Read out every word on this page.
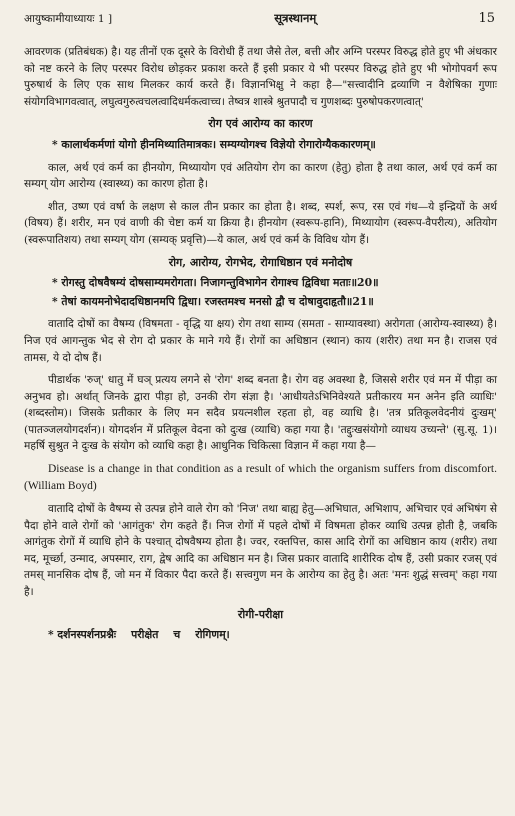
आयुष्कामीयाध्यायः 1 ]	सूत्रस्थानम्	15

आवरणक (प्रतिबंधक) है। यह तीनों एक दूसरे के विरोधी हैं तथा जैसे तेल, बत्ती और अग्नि परस्पर विरुद्ध होते हुए भी अंधकार को नष्ट करने के लिए परस्पर विरोध छोड़कर प्रकाश करते हैं इसी प्रकार ये भी परस्पर विरुद्ध होते हुए भी भोगोपवर्ग रूप पुरुषार्थ के लिए एक साथ मिलकर कार्य करते हैं। विज्ञानभिक्षु ने कहा है—"सत्त्वादीनि द्रव्याणि न वैशेषिका गुणाः संयोगविभागवत्वात्, लघुत्वगुरुत्वचलत्वादिधर्मकत्वाच्च। तेष्वत्र शास्त्रे श्रुतपादौ च गुणशब्दः पुरुषोपकरणत्वात्'

रोग एवं आरोग्य का कारण
* कालार्थकर्मणां योगो हीनमिथ्यातिमात्रकः। सम्यग्योगश्च विज्ञेयो रोगारोग्यैककारणम्॥

काल, अर्थ एवं कर्म का हीनयोग, मिथ्यायोग एवं अतियोग रोग का कारण (हेतु) होता है तथा काल, अर्थ एवं कर्म का सम्यग् योग आरोग्य (स्वास्थ्य) का कारण होता है।

शीत, उष्ण एवं वर्षा के लक्षण से काल तीन प्रकार का होता है। शब्द, स्पर्श, रूप, रस एवं गंध—ये इन्द्रियों के अर्थ (विषय) हैं। शरीर, मन एवं वाणी की चेष्टा कर्म या क्रिया है। हीनयोग (स्वरूप-हानि), मिथ्यायोग (स्वरूप-वैपरीत्य), अतियोग (स्वरूपातिशय) तथा सम्यग् योग (सम्यक् प्रवृत्ति)—ये काल, अर्थ एवं कर्म के विविध योग हैं।

रोग, आरोग्य, रोगभेद, रोगाधिष्ठान एवं मनोदोष
* रोगस्तु दोषवैषम्यं दोषसाम्यमरोगता। निजागन्तुविभागेन रोगाश्च द्विविधा मताः॥20॥
* तेषां कायमनोभेदादधिष्ठानमपि द्विधा। रजस्तमश्च मनसो द्वौ च दोषावुदाहृतौ॥21॥

वातादि दोषों का वैषम्य (विषमता - वृद्धि या क्षय) रोग तथा साम्य (समता - साम्यावस्था) अरोगता (आरोग्य-स्वास्थ्य) है। निज एवं आगन्तुक भेद से रोग दो प्रकार के माने गये हैं। रोगों का अधिष्ठान (स्थान) काय (शरीर) तथा मन है। राजस एवं तामस, ये दो दोष हैं।

पीडार्थक 'रुज्' धातु में घञ् प्रत्यय लगने से 'रोग' शब्द बनता है। रोग वह अवस्था है, जिससे शरीर एवं मन में पीड़ा का अनुभव हो। अर्थात् जिनके द्वारा पीड़ा हो, उनकी रोग संज्ञा है। 'आधीयतेऽभिनिवेश्यते प्रतीकारय मन अनेन इति व्याधिः' (शब्दस्तोम)। जिसके प्रतीकार के लिए मन सदैव प्रयत्नशील रहता हो, वह व्याधि है। 'तत्र प्रतिकूलवेदनीयं दुःखम्' (पातञ्जलयोगदर्शन)। योगदर्शन में प्रतिकूल वेदना को दुःख (व्याधि) कहा गया है। 'तद्दुःखसंयोगो व्याधय उच्यन्ते' (सु.सू. 1)। महर्षि सुश्रुत ने दुःख के संयोग को व्याधि कहा है। आधुनिक चिकित्सा विज्ञान में कहा गया है—

Disease is a change in that condition as a result of which the organism suffers from discomfort. (William Boyd)

वातादि दोषों के वैषम्य से उत्पन्न होने वाले रोग को 'निज' तथा बाह्य हेतु—अभिघात, अभिशाप, अभिचार एवं अभिषंग से पैदा होने वाले रोगों को 'आगंतुक' रोग कहते हैं। निज रोगों में पहले दोषों में विषमता होकर व्याधि उत्पन्न होती है, जबकि आगंतुक रोगों में व्याधि होने के पश्चात् दोषवैषम्य होता है। ज्वर, रक्तपित्त, कास आदि रोगों का अधिष्ठान काय (शरीर) तथा मद, मूर्च्छा, उन्माद, अपस्मार, राग, द्वेष आदि का अधिष्ठान मन है। जिस प्रकार वातादि शारीरिक दोष हैं, उसी प्रकार रजस् एवं तमस् मानसिक दोष हैं, जो मन में विकार पैदा करते हैं। सत्त्वगुण मन के आरोग्य का हेतु है। अतः 'मनः शुद्धं सत्त्वम्' कहा गया है।

रोगी-परीक्षा
* दर्शनस्पर्शनप्रश्नैः    परीक्षेत    च    रोगिणम्।
